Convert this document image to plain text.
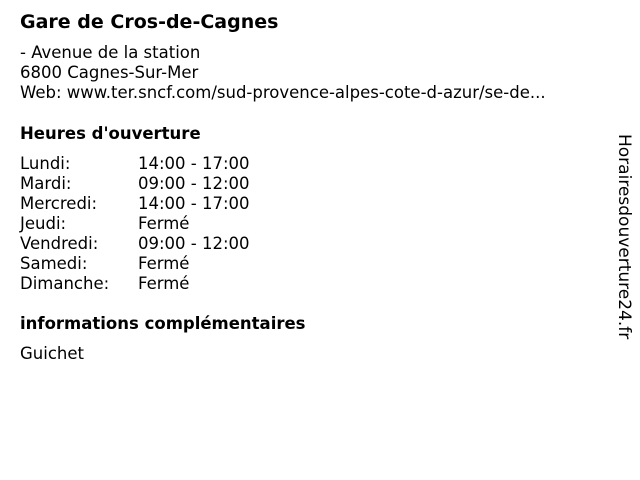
Gare de Cros-de-Cagnes
- Avenue de la station
6800 Cagnes-Sur-Mer
Web: www.ter.sncf.com/sud-provence-alpes-cote-d-azur/se-de...
Heures d'ouverture
Lundi:	14:00 - 17:00
Mardi:	09:00 - 12:00
Mercredi: 14:00 - 17:00
Jeudi:	Fermé
Vendredi: 09:00 - 12:00
Samedi:	Fermé
Dimanche: Fermé
informations complémentaires
Guichet
Horairesdouverture24.fr
